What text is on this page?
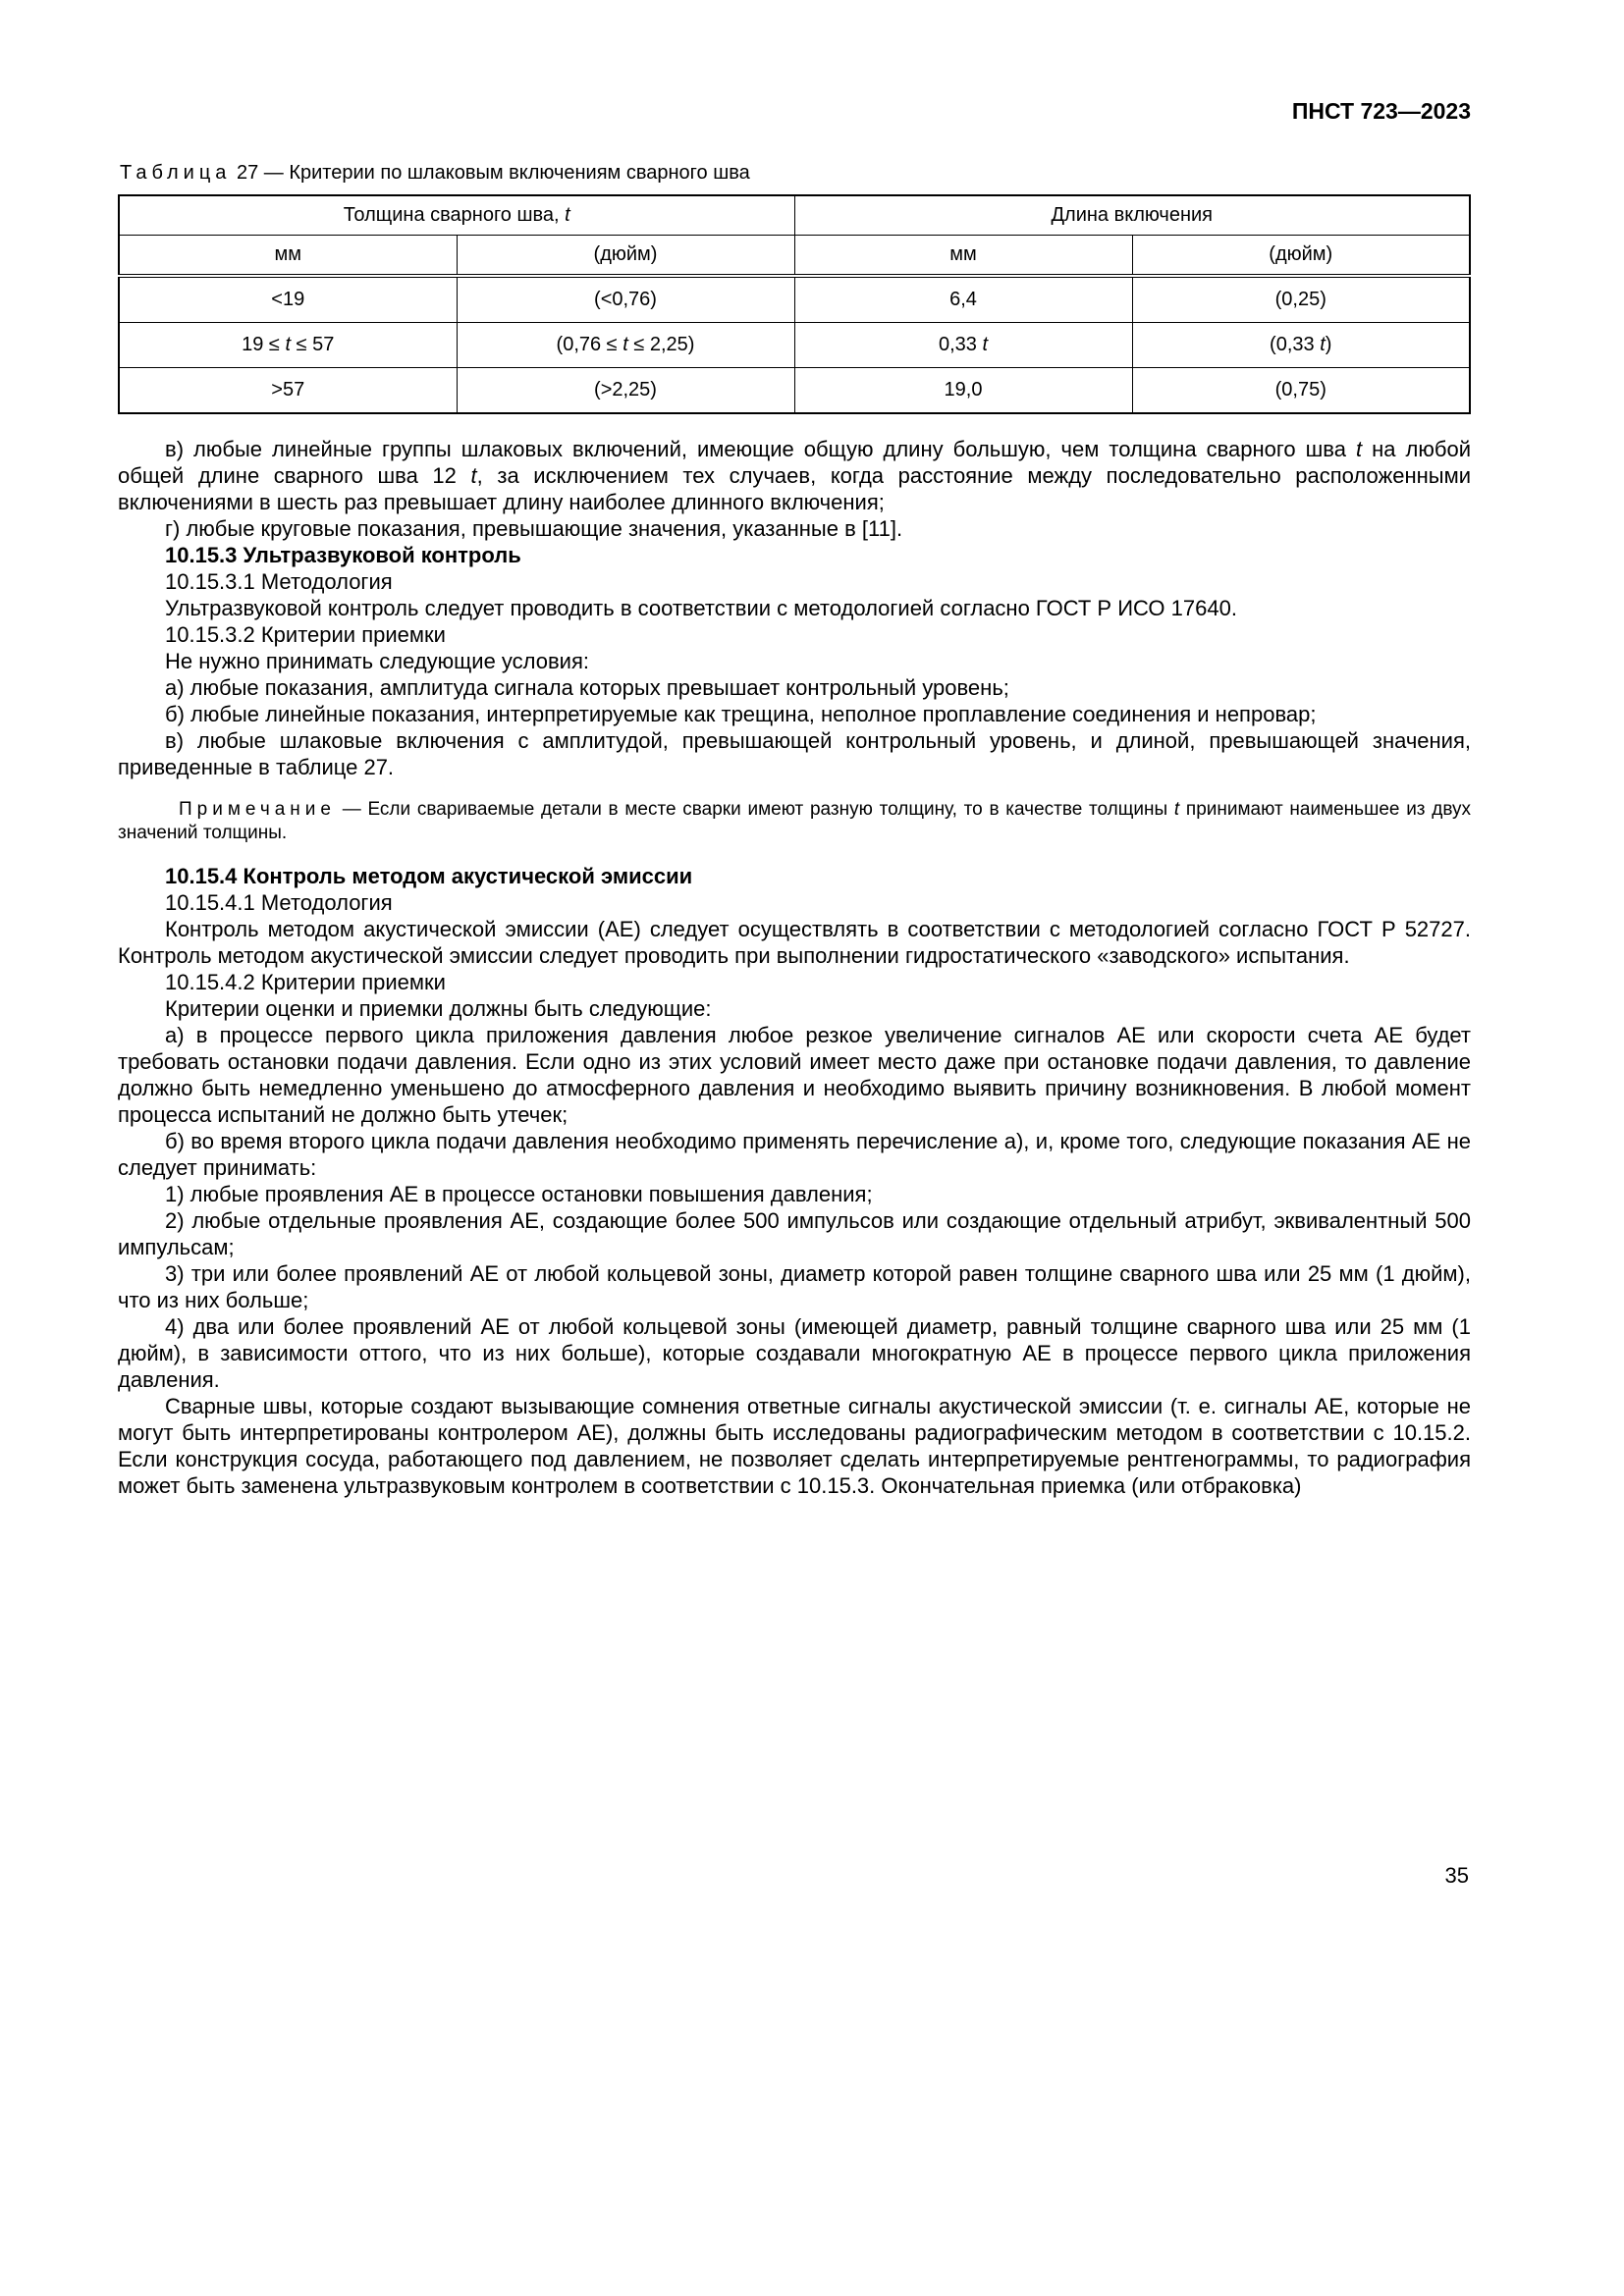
ПНСТ 723—2023

Таблица 27 — Критерии по шлаковым включениям сварного шва

Толщина сварного шва, t		Длина включения	
мм	(дюйм)	мм	(дюйм)
<19	(<0,76)	6,4	(0,25)
19 ≤ t ≤ 57	(0,76 ≤ t ≤ 2,25)	0,33 t	(0,33 t)
>57	(>2,25)	19,0	(0,75)

в) любые линейные группы шлаковых включений, имеющие общую длину большую, чем толщина сварного шва t на любой общей длине сварного шва 12 t, за исключением тех случаев, когда расстояние между последовательно расположенными включениями в шесть раз превышает длину наиболее длинного включения;

г) любые круговые показания, превышающие значения, указанные в [11].

10.15.3 Ультразвуковой контроль

10.15.3.1 Методология

Ультразвуковой контроль следует проводить в соответствии с методологией согласно ГОСТ Р ИСО 17640.

10.15.3.2 Критерии приемки

Не нужно принимать следующие условия:

а) любые показания, амплитуда сигнала которых превышает контрольный уровень;

б) любые линейные показания, интерпретируемые как трещина, неполное проплавление соединения и непровар;

в) любые шлаковые включения с амплитудой, превышающей контрольный уровень, и длиной, превышающей значения, приведенные в таблице 27.

Примечание — Если свариваемые детали в месте сварки имеют разную толщину, то в качестве толщины t принимают наименьшее из двух значений толщины.

10.15.4 Контроль методом акустической эмиссии

10.15.4.1 Методология

Контроль методом акустической эмиссии (АЕ) следует осуществлять в соответствии с методологией согласно ГОСТ Р 52727. Контроль методом акустической эмиссии следует проводить при выполнении гидростатического «заводского» испытания.

10.15.4.2 Критерии приемки

Критерии оценки и приемки должны быть следующие:

а) в процессе первого цикла приложения давления любое резкое увеличение сигналов АЕ или скорости счета АЕ будет требовать остановки подачи давления. Если одно из этих условий имеет место даже при остановке подачи давления, то давление должно быть немедленно уменьшено до атмосферного давления и необходимо выявить причину возникновения. В любой момент процесса испытаний не должно быть утечек;

б) во время второго цикла подачи давления необходимо применять перечисление а), и, кроме того, следующие показания АЕ не следует принимать:

1) любые проявления АЕ в процессе остановки повышения давления;

2) любые отдельные проявления АЕ, создающие более 500 импульсов или создающие отдельный атрибут, эквивалентный 500 импульсам;

3) три или более проявлений АЕ от любой кольцевой зоны, диаметр которой равен толщине сварного шва или 25 мм (1 дюйм), что из них больше;

4) два или более проявлений АЕ от любой кольцевой зоны (имеющей диаметр, равный толщине сварного шва или 25 мм (1 дюйм), в зависимости оттого, что из них больше), которые создавали многократную АЕ в процессе первого цикла приложения давления.

Сварные швы, которые создают вызывающие сомнения ответные сигналы акустической эмиссии (т. е. сигналы АЕ, которые не могут быть интерпретированы контролером АЕ), должны быть исследованы радиографическим методом в соответствии с 10.15.2. Если конструкция сосуда, работающего под давлением, не позволяет сделать интерпретируемые рентгенограммы, то радиография может быть заменена ультразвуковым контролем в соответствии с 10.15.3. Окончательная приемка (или отбраковка)

35
